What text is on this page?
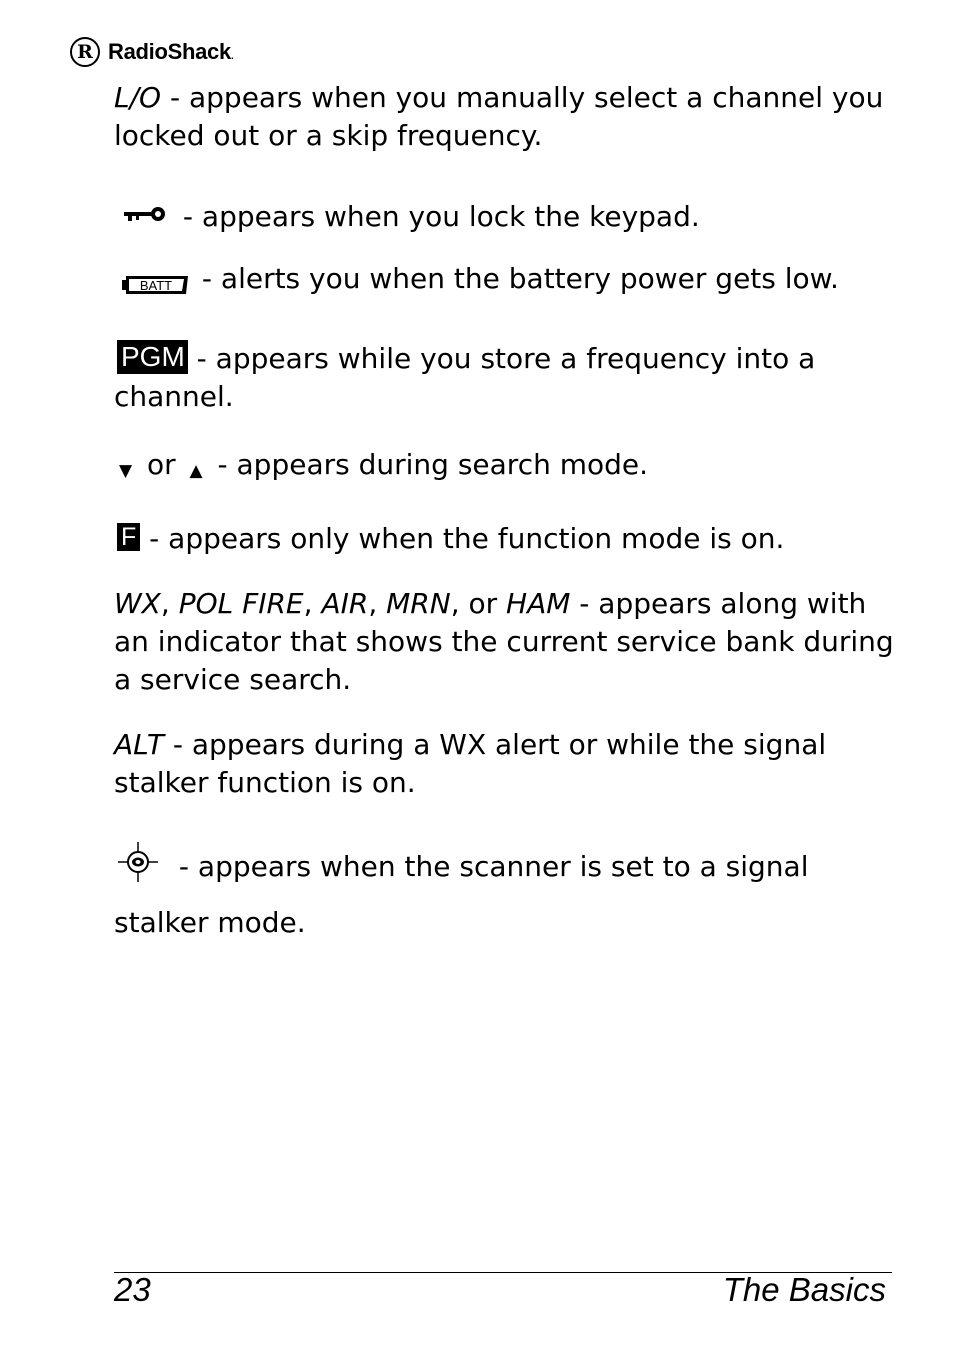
R RadioShack.
L/O - appears when you manually select a channel you locked out or a skip frequency.
- appears when you lock the keypad.
BATT - alerts you when the battery power gets low.
PGM - appears while you store a frequency into a channel.
▼ or ▲ - appears during search mode.
F - appears only when the function mode is on.
WX, POL FIRE, AIR, MRN, or HAM - appears along with an indicator that shows the current service bank during a service search.
ALT - appears during a WX alert or while the signal stalker function is on.
- appears when the scanner is set to a signal stalker mode.
23	The Basics
